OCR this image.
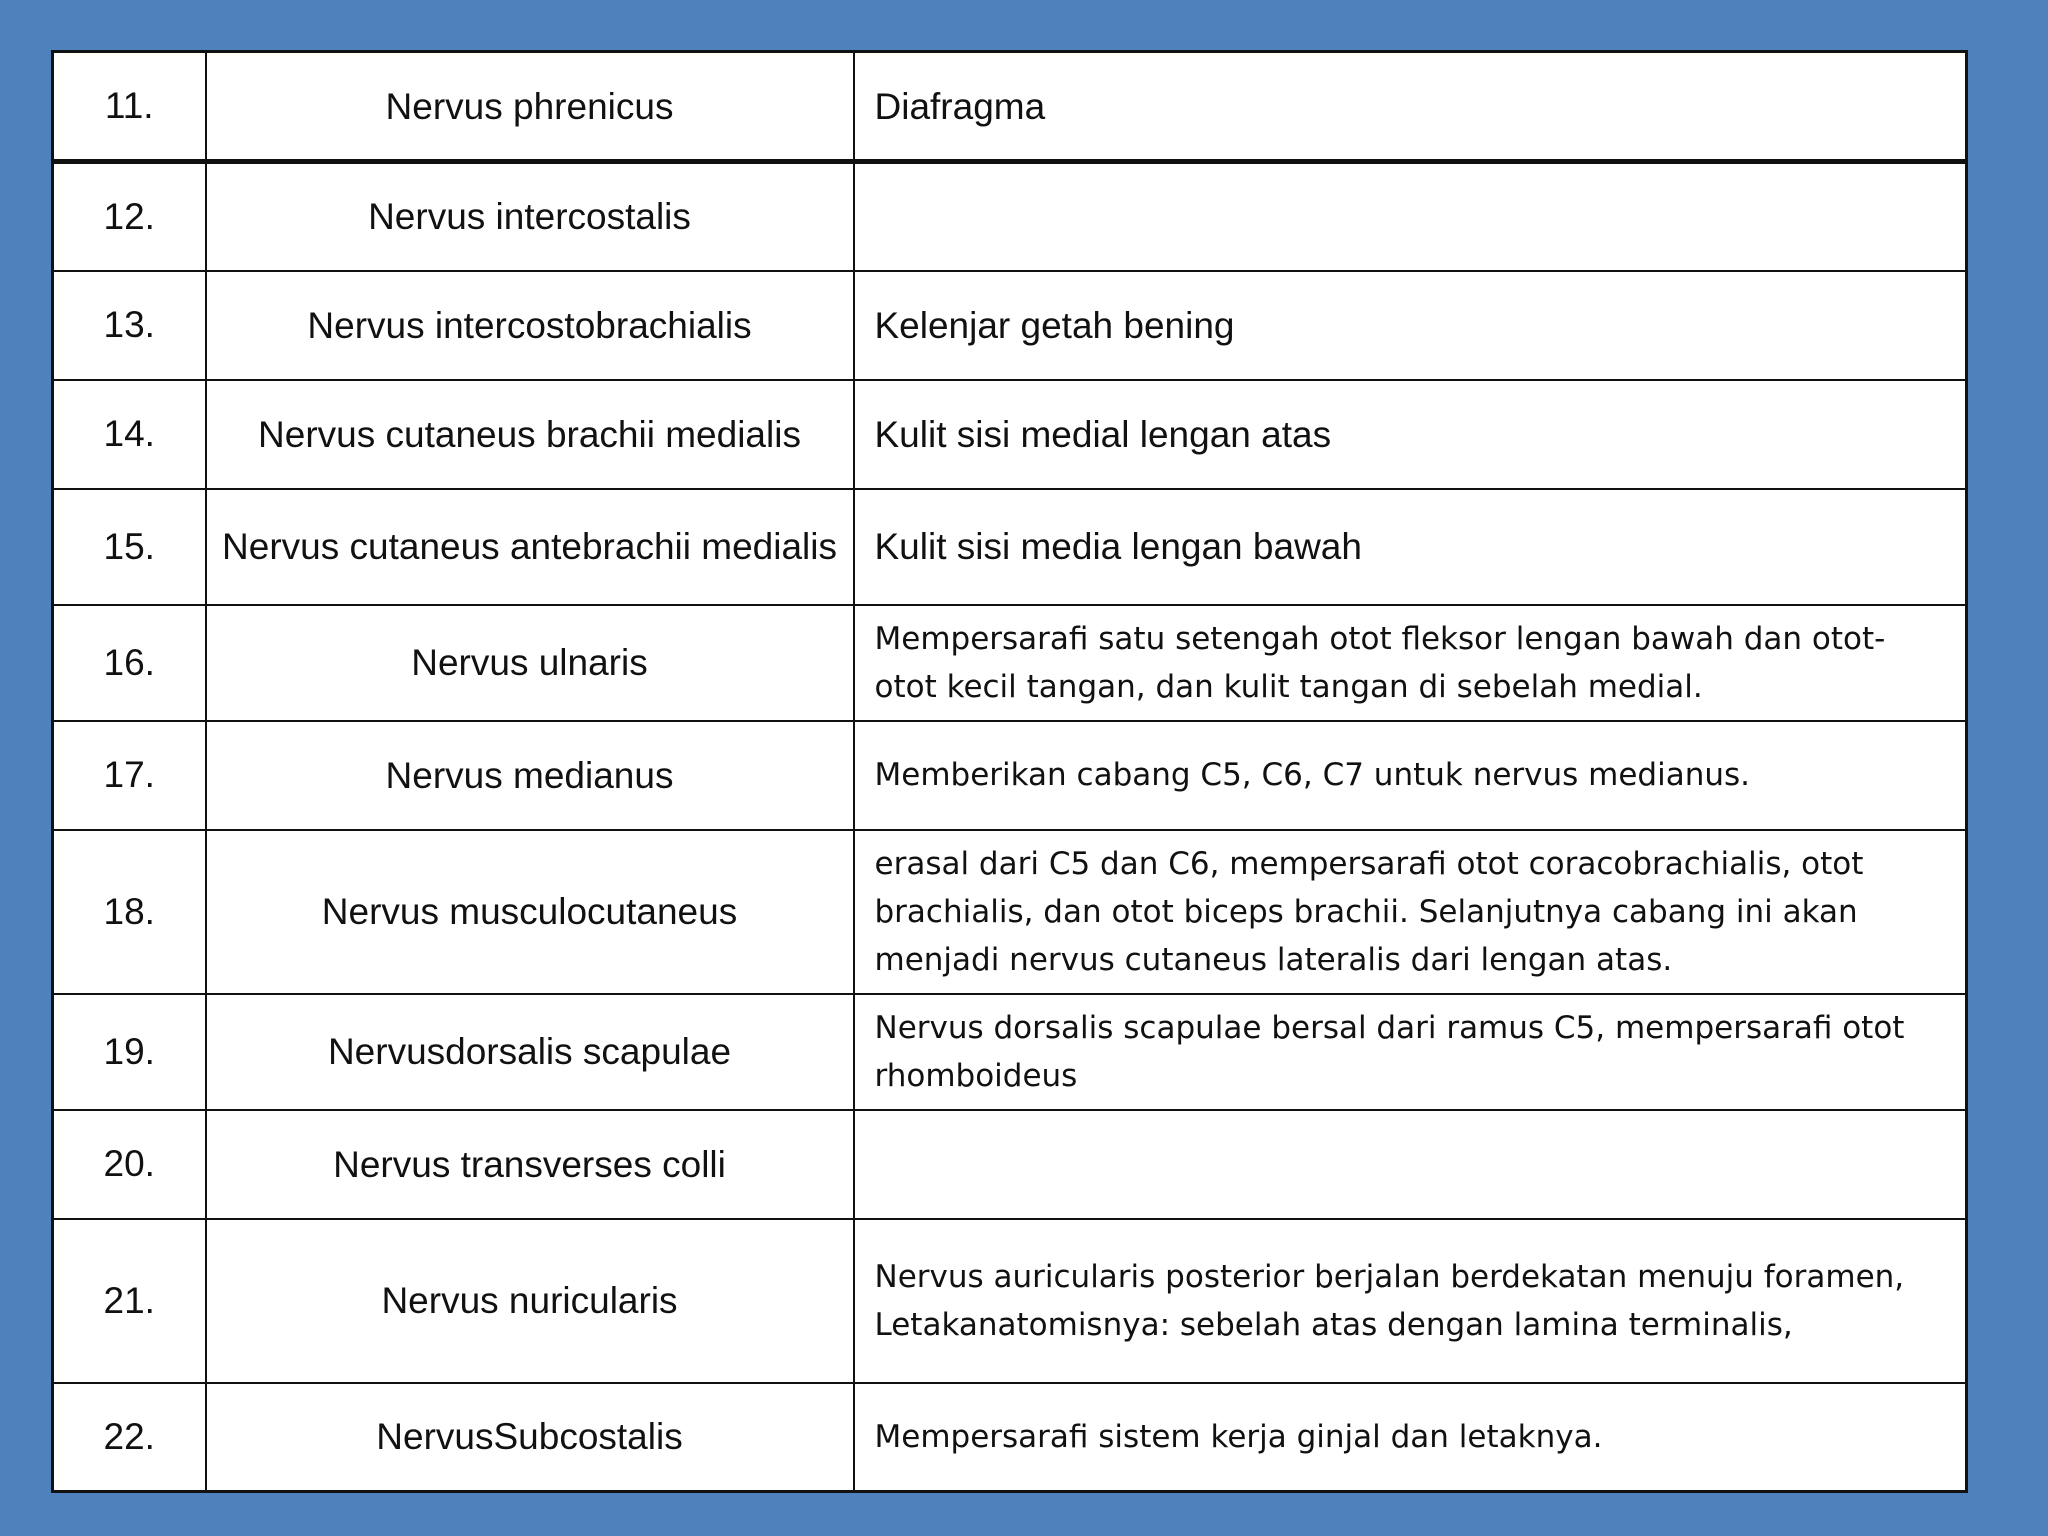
11.	Nervus phrenicus	Diafragma
12.	Nervus intercostalis	
13.	Nervus intercostobrachialis	Kelenjar getah bening
14.	Nervus cutaneus brachii medialis	Kulit sisi medial lengan atas
15.	Nervus cutaneus antebrachii medialis	Kulit sisi media lengan bawah
16.	Nervus ulnaris	Mempersarafi satu setengah otot fleksor lengan bawah dan otot-otot kecil tangan, dan kulit tangan di sebelah medial.
17.	Nervus medianus	Memberikan cabang C5, C6, C7 untuk nervus medianus.
18.	Nervus musculocutaneus	erasal dari C5 dan C6, mempersarafi otot coracobrachialis, otot brachialis, dan otot biceps brachii. Selanjutnya cabang ini akan menjadi nervus cutaneus lateralis dari lengan atas.
19.	Nervusdorsalis scapulae	Nervus dorsalis scapulae bersal dari ramus C5, mempersarafi otot rhomboideus
20.	Nervus transverses colli	
21.	Nervus nuricularis	Nervus auricularis posterior berjalan berdekatan menuju foramen, Letakanatomisnya: sebelah atas dengan lamina terminalis,
22.	NervusSubcostalis	Mempersarafi sistem kerja ginjal dan letaknya.
